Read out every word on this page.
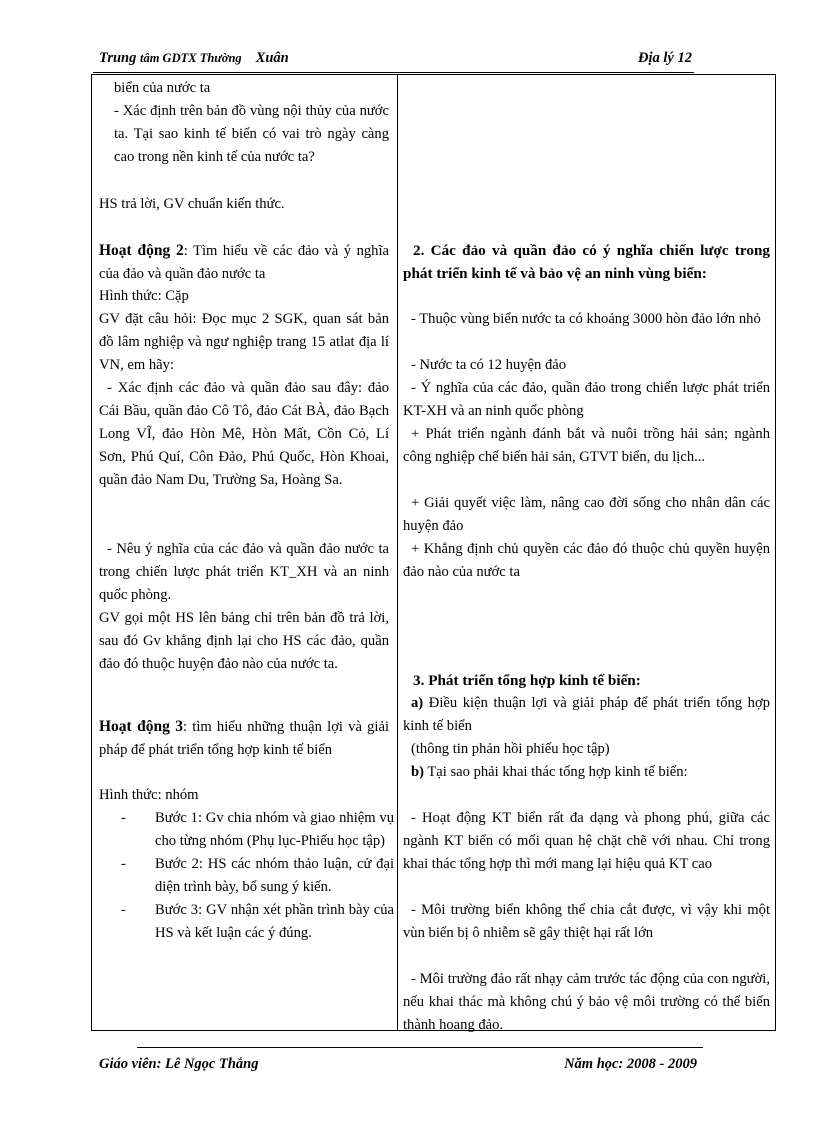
Trung tâm GDTX Thường Xuân	Địa lý 12

biển của nước ta

- Xác định trên bản đồ vùng nội thủy của nước ta. Tại sao kinh tế biển có vai trò ngày càng cao trong nền kinh tế của nước ta?

HS trả lời, GV chuẩn kiến thức.

Hoạt động 2: Tìm hiểu về các đảo và ý nghĩa của đảo và quần đảo nước ta

Hình thức: Cặp

GV đặt câu hỏi: Đọc mục 2 SGK, quan sát bản đồ lâm nghiệp và ngư nghiệp trang 15 atlat địa lí VN, em hãy:

- Xác định các đảo và quần đảo sau đây: đảo Cái Bầu, quần đảo Cô Tô, đảo Cát BÀ, đảo Bạch Long VĨ, đảo Hòn Mê, Hòn Mất, Cồn Cỏ, Lí Sơn, Phú Quí, Côn Đảo, Phú Quốc, Hòn Khoai, quần đảo Nam Du, Trường Sa, Hoàng Sa.

- Nêu ý nghĩa của các đảo và quần đảo nước ta trong chiến lược phát triển KT_XH và an ninh quốc phòng.

GV gọi một HS lên bảng chỉ trên bản đồ trả lời, sau đó Gv khẳng định lại cho HS các đảo, quần đảo đó thuộc huyện đảo nào của nước ta.

Hoạt động 3: tìm hiểu những thuận lợi và giải pháp để phát triển tổng hợp kinh tế biển

Hình thức: nhóm

- Bước 1: Gv chia nhóm và giao nhiệm vụ cho từng nhóm (Phụ lục-Phiếu học tập)
- Bước 2: HS các nhóm thảo luận, cử đại diện trình bày, bổ sung ý kiến.
- Bước 3: GV nhận xét phần trình bày của HS và kết luận các ý đúng.

2. Các đảo và quần đảo có ý nghĩa chiến lược trong phát triển kinh tế và bảo vệ an ninh vùng biển:

- Thuộc vùng biển nước ta có khoảng 3000 hòn đảo lớn nhỏ

- Nước ta có 12 huyện đảo

- Ý nghĩa của các đảo, quần đảo trong chiến lược phát triển KT-XH và an ninh quốc phòng

+ Phát triển ngành đánh bắt và nuôi trồng hải sản; ngành công nghiệp chế biến hải sản, GTVT biển, du lịch...

+ Giải quyết việc làm, nâng cao đời sống cho nhân dân các huyện đảo

+ Khẳng định chủ quyền các đảo đó thuộc chủ quyền huyện đảo nào của nước ta

3. Phát triển tổng hợp kinh tế biển:

a) Điều kiện thuận lợi và giải pháp để phát triển tổng hợp kinh tế biển

(thông tin phản hồi phiếu học tập)

b) Tại sao phải khai thác tổng hợp kinh tế biển:

- Hoạt động KT biển rất đa dạng và phong phú, giữa các ngành KT biển có mối quan hệ chặt chẽ với nhau. Chỉ trong khai thác tổng hợp thì mới mang lại hiệu quả KT cao

- Môi trường biển không thể chia cắt được, vì vậy khi một vùn biển bị ô nhiễm sẽ gây thiệt hại rất lớn

- Môi trường đảo rất nhạy cảm trước tác động của con người, nếu khai thác mà không chú ý bảo vệ môi trường có thể biến thành hoang đảo.

Giáo viên: Lê Ngọc Thắng	Năm học: 2008 - 2009
